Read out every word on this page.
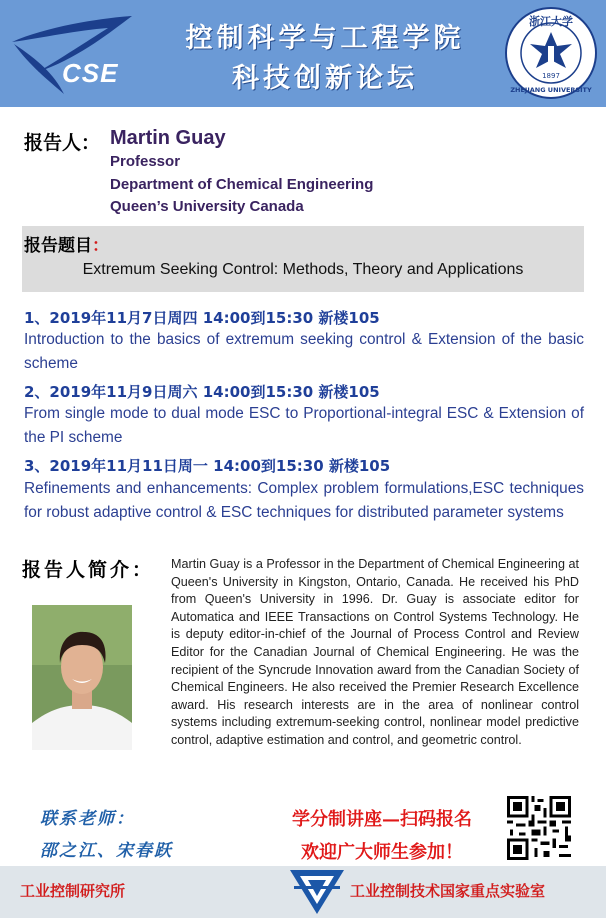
CSE
控制科学与工程学院
科技创新论坛
浙江大学
1897
ZHEJIANG UNIVERSITY
报告人： Martin Guay
Professor
Department of Chemical Engineering
Queen’s University Canada
报告题目：
Extremum Seeking Control: Methods, Theory and Applications
1、2019年11月7日周四 14:00到15:30 新楼105
Introduction to the basics of extremum seeking control & Extension of the basic scheme
2、2019年11月9日周六 14:00到15:30 新楼105
From single mode to dual mode ESC to Proportional-integral ESC & Extension of the PI scheme
3、2019年11月11日周一 14:00到15:30 新楼105
Refinements and enhancements: Complex problem formulations,ESC techniques for robust adaptive control & ESC techniques for distributed parameter systems
报告人简介： Martin Guay is a Professor in the Department of Chemical Engineering at Queen's University in Kingston, Ontario, Canada. He received his PhD from Queen's University in 1996. Dr. Guay is associate editor for Automatica and IEEE Transactions on Control Systems Technology. He is deputy editor-in-chief of the Journal of Process Control and Review Editor for the Canadian Journal of Chemical Engineering. He was the recipient of the Syncrude Innovation award from the Canadian Society of Chemical Engineers. He also received the Premier Research Excellence award. His research interests are in the area of nonlinear control systems including extremum-seeking control, nonlinear model predictive control, adaptive estimation and control, and geometric control.
联系老师：
邵之江、宋春跃
学分制讲座—扫码报名
欢迎广大师生参加！
工业控制研究所	工业控制技术国家重点实验室
